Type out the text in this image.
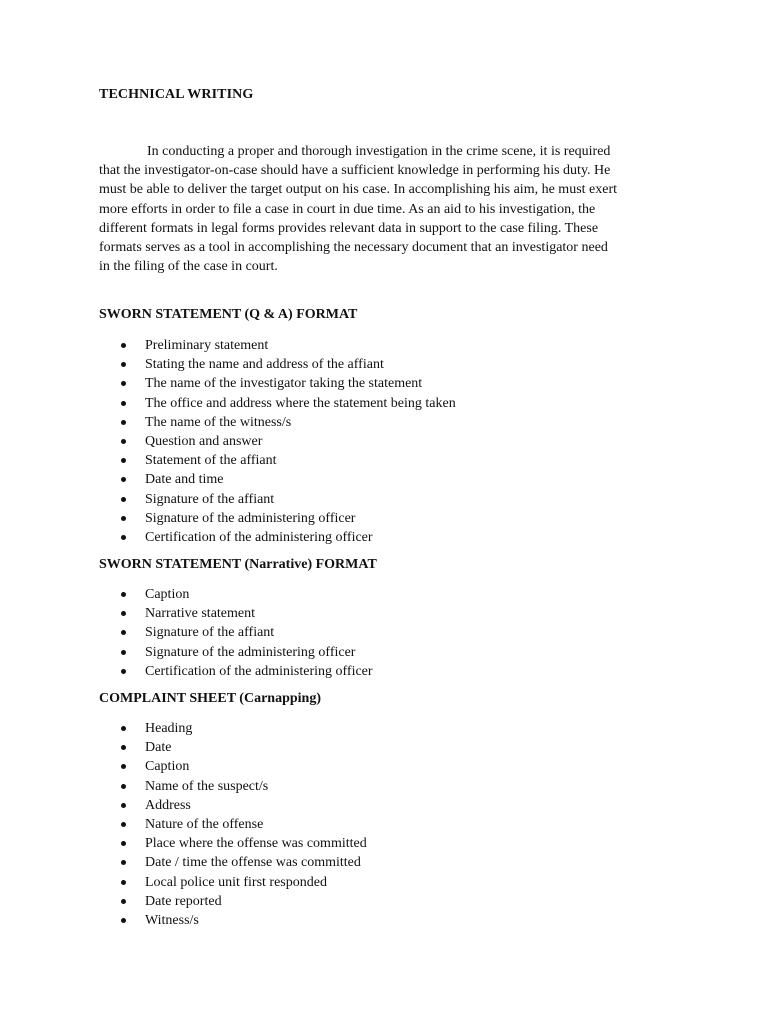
TECHNICAL WRITING
In conducting a proper and thorough investigation in the crime scene, it is required
that the investigator-on-case should have a sufficient knowledge in performing his duty. He
must be able to deliver the target output on his case. In accomplishing his aim, he must exert
more efforts in order to file a case in court in due time. As an aid to his investigation, the
different formats in legal forms provides relevant data in support to the case filing. These
formats serves as a tool in accomplishing the necessary document that an investigator need
in the filing of the case in court.
SWORN STATEMENT (Q & A) FORMAT
Preliminary statement
Stating the name and address of the affiant
The name of the investigator taking the statement
The office and address where the statement being taken
The name of the witness/s
Question and answer
Statement of the affiant
Date and time
Signature of the affiant
Signature of the administering officer
Certification of the administering officer
SWORN STATEMENT (Narrative) FORMAT
Caption
Narrative statement
Signature of the affiant
Signature of the administering officer
Certification of the administering officer
COMPLAINT SHEET (Carnapping)
Heading
Date
Caption
Name of the suspect/s
Address
Nature of the offense
Place where the offense was committed
Date / time the offense was committed
Local police unit first responded
Date reported
Witness/s
